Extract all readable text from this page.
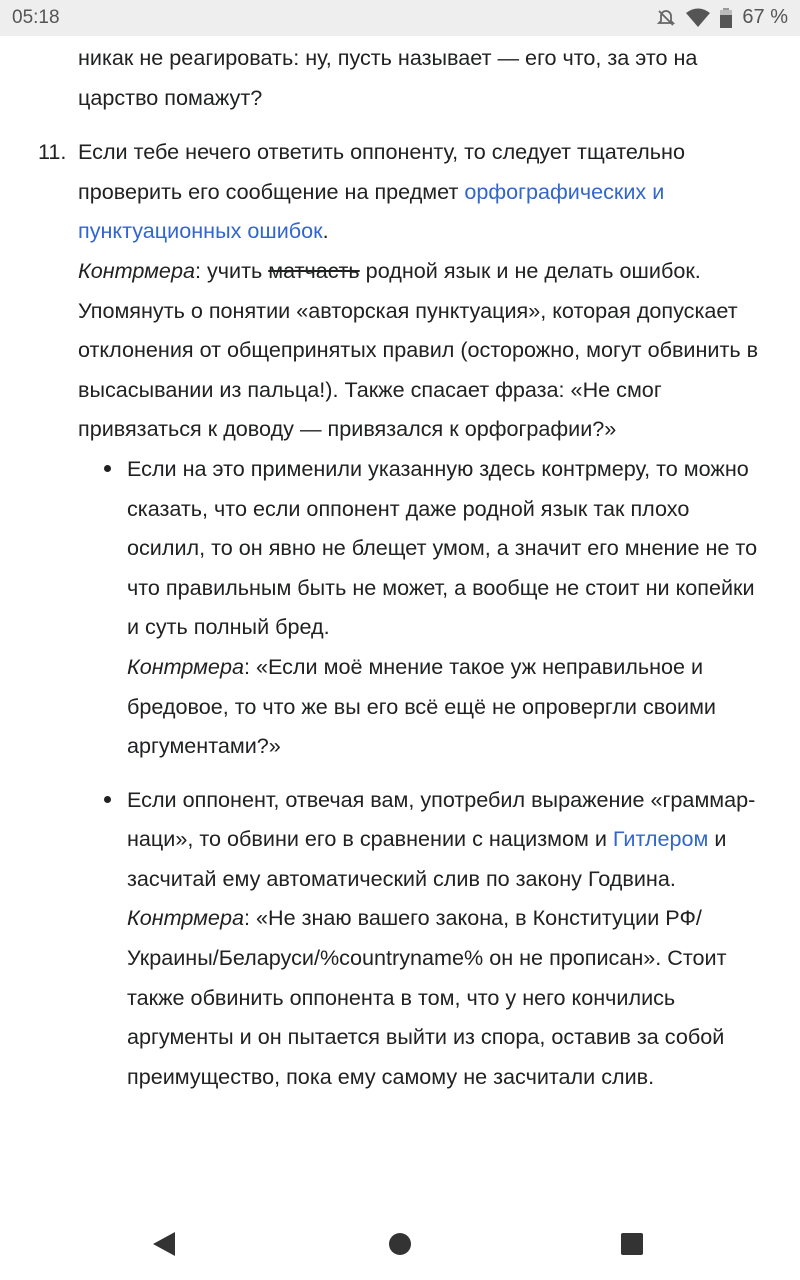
05:18	67 %

никак не реагировать: ну, пусть называет — его что, за это на царство помажут?

11. Если тебе нечего ответить оппоненту, то следует тщательно проверить его сообщение на предмет орфографических и пунктуационных ошибок.
Контрмера: учить матчасть родной язык и не делать ошибок. Упомянуть о понятии «авторская пунктуация», которая допускает отклонения от общепринятых правил (осторожно, могут обвинить в высасывании из пальца!). Также спасает фраза: «Не смог привязаться к доводу — привязался к орфографии?»

Если на это применили указанную здесь контрмеру, то можно сказать, что если оппонент даже родной язык так плохо осилил, то он явно не блещет умом, а значит его мнение не то что правильным быть не может, а вообще не стоит ни копейки и суть полный бред.
Контрмера: «Если моё мнение такое уж неправильное и бредовое, то что же вы его всё ещё не опровергли своими аргументами?»

Если оппонент, отвечая вам, употребил выражение «граммар-наци», то обвини его в сравнении с нацизмом и Гитлером и засчитай ему автоматический слив по закону Годвина.
Контрмера: «Не знаю вашего закона, в Конституции РФ/ Украины/Беларуси/%countryname% он не прописан». Стоит также обвинить оппонента в том, что у него кончились аргументы и он пытается выйти из спора, оставив за собой преимущество, пока ему самому не засчитали слив.
